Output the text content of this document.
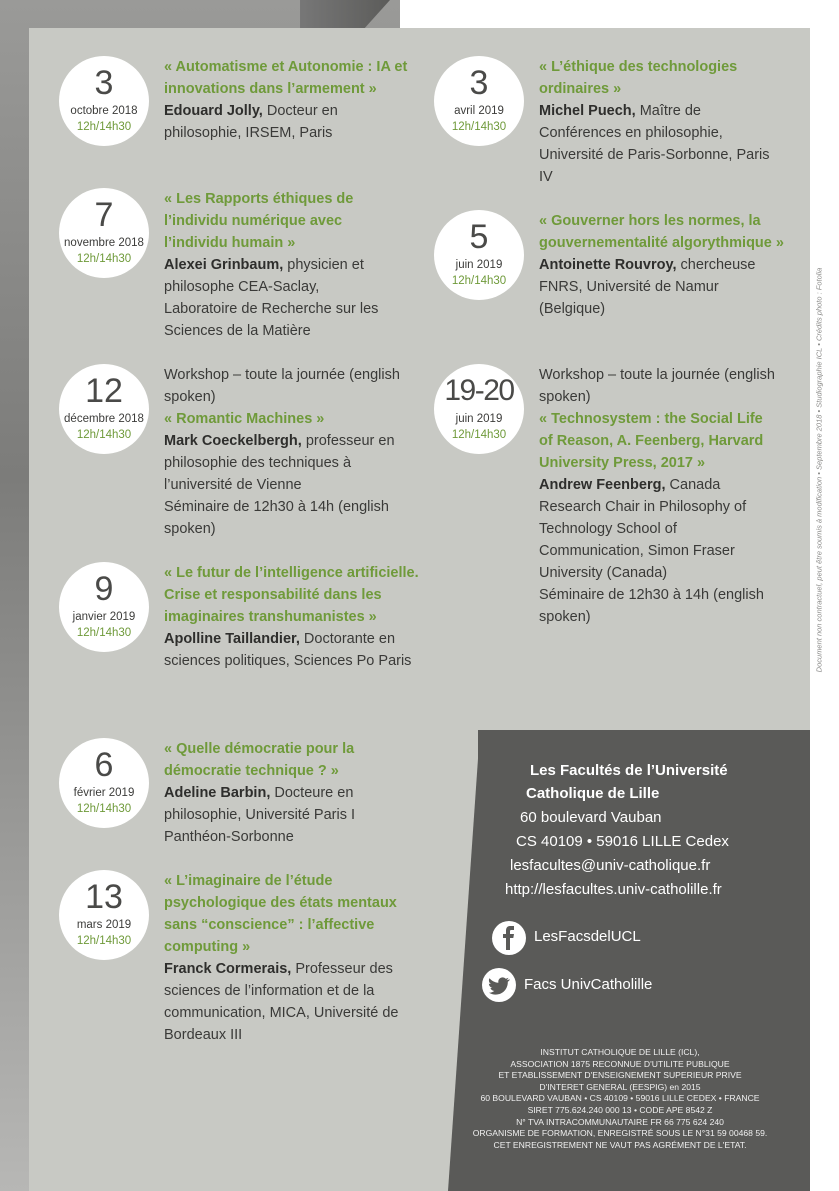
Document non contractuel, peut être soumis à modification • Septembre 2018 • Studiographie ICL • Crédits photo : Fotolia
3
octobre 2018
12h/14h30
« Automatisme et Autonomie : IA et innovations dans l’armement »
Edouard Jolly, Docteur en philosophie, IRSEM, Paris
7
novembre 2018
12h/14h30
« Les Rapports éthiques de l’individu numérique avec l’individu humain »
Alexei Grinbaum, physicien et philosophe CEA-Saclay, Laboratoire de Recherche sur les Sciences de la Matière
12
décembre 2018
12h/14h30
Workshop – toute la journée (english spoken)
« Romantic Machines »
Mark Coeckelbergh, professeur en philosophie des techniques à l’université de Vienne
Séminaire de 12h30 à 14h (english spoken)
9
janvier 2019
12h/14h30
« Le futur de l’intelligence artificielle. Crise et responsabilité dans les imaginaires transhumanistes »
Apolline Taillandier, Doctorante en sciences politiques, Sciences Po Paris
6
février 2019
12h/14h30
« Quelle démocratie pour la démocratie technique ? »
Adeline Barbin, Docteure en philosophie, Université Paris I Panthéon-Sorbonne
13
mars 2019
12h/14h30
« L’imaginaire de l’étude psychologique des états mentaux sans “conscience” : l’affective computing »
Franck Cormerais, Professeur des sciences de l’information et de la communication, MICA, Université de Bordeaux III
3
avril 2019
12h/14h30
« L’éthique des technologies ordinaires »
Michel Puech, Maître de Conférences en philosophie, Université de Paris-Sorbonne, Paris IV
5
juin 2019
12h/14h30
« Gouverner hors les normes, la gouvernementalité algorythmique »
Antoinette Rouvroy, chercheuse FNRS, Université de Namur (Belgique)
19-20
juin 2019
12h/14h30
Workshop – toute la journée (english spoken)
« Technosystem : the Social Life of Reason, A. Feenberg, Harvard University Press, 2017 »
Andrew Feenberg, Canada Research Chair in Philosophy of Technology School of Communication, Simon Fraser University (Canada)
Séminaire de 12h30 à 14h (english spoken)
Les Facultés de l’Université
Catholique de Lille
60 boulevard Vauban
CS 40109 • 59016 LILLE Cedex
lesfacultes@univ-catholique.fr
http://lesfacultes.univ-catholille.fr
LesFacsdelUCL
Facs UnivCatholille
INSTITUT CATHOLIQUE DE LILLE (ICL),
ASSOCIATION 1875 RECONNUE D'UTILITE PUBLIQUE
ET ETABLISSEMENT D'ENSEIGNEMENT SUPERIEUR PRIVE
D'INTERET GENERAL (EESPIG) en 2015
60 BOULEVARD VAUBAN • CS 40109 • 59016 LILLE CEDEX • FRANCE
SIRET 775.624.240 000 13 • CODE APE 8542 Z
N° TVA INTRACOMMUNAUTAIRE FR 66 775 624 240
ORGANISME DE FORMATION, ENREGISTRÉ SOUS LE N°31 59 00468 59.
CET ENREGISTREMENT NE VAUT PAS AGRÉMENT DE L'ETAT.
